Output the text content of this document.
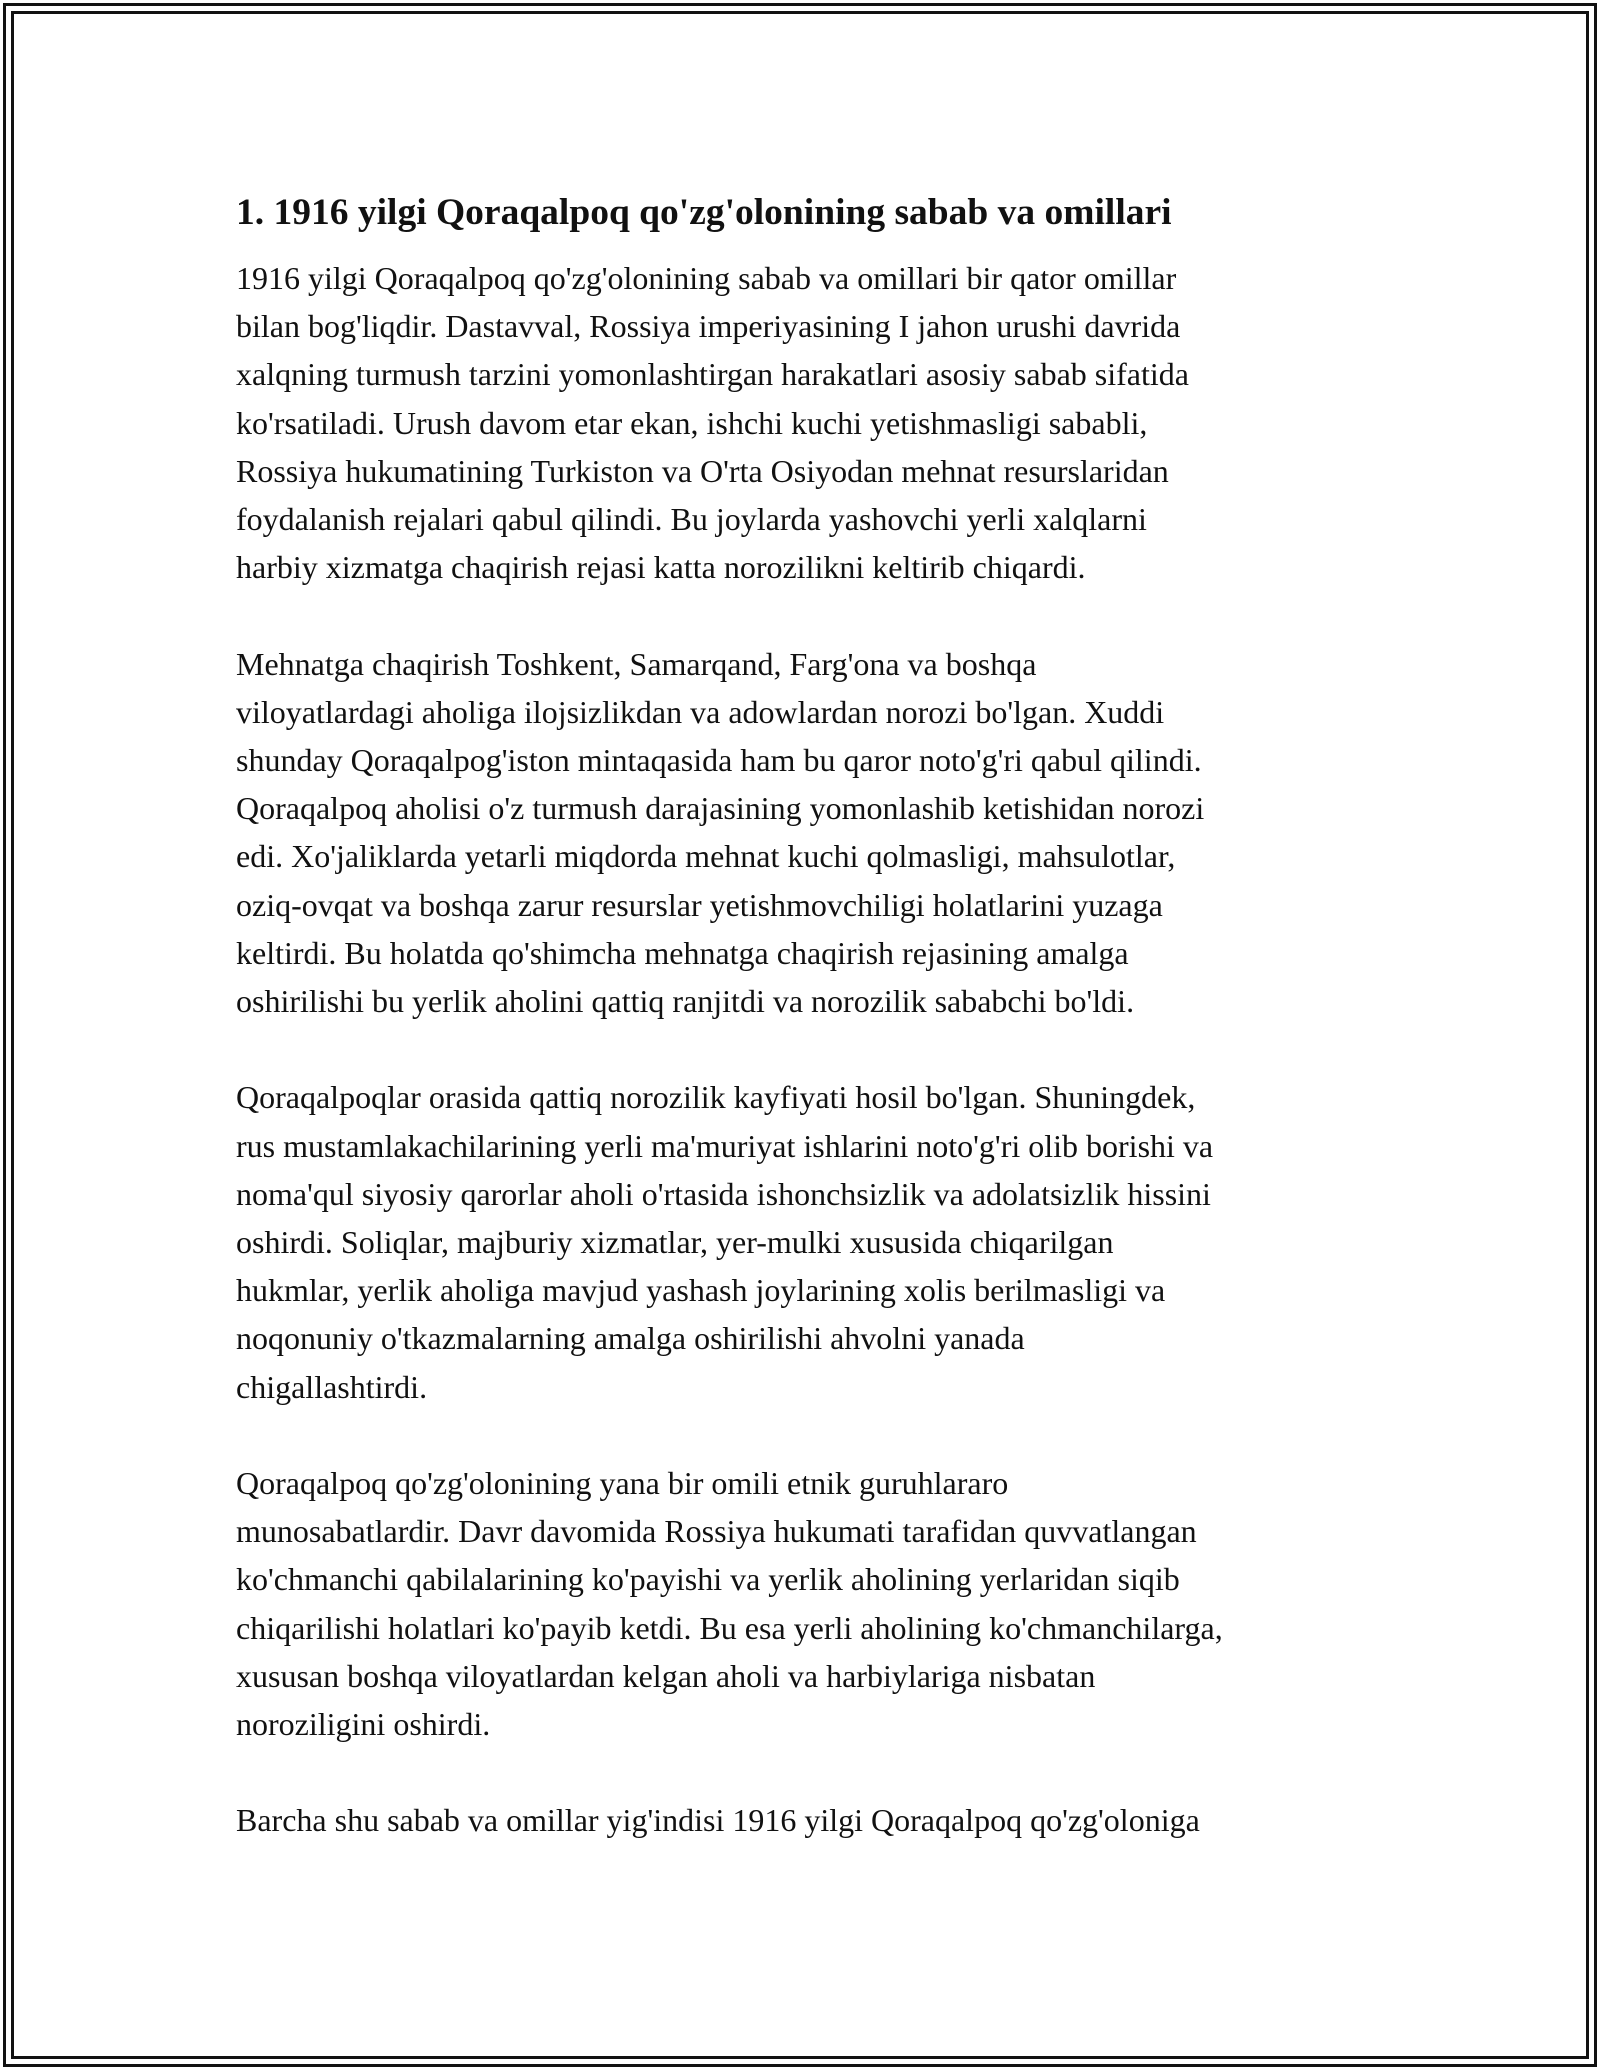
1. 1916 yilgi Qoraqalpoq qo'zg'olonining sabab va omillari

1916 yilgi Qoraqalpoq qo'zg'olonining sabab va omillari bir qator omillar
bilan bog'liqdir. Dastavval, Rossiya imperiyasining I jahon urushi davrida
xalqning turmush tarzini yomonlashtirgan harakatlari asosiy sabab sifatida
ko'rsatiladi. Urush davom etar ekan, ishchi kuchi yetishmasligi sababli,
Rossiya hukumatining Turkiston va O'rta Osiyodan mehnat resurslaridan
foydalanish rejalari qabul qilindi. Bu joylarda yashovchi yerli xalqlarni
harbiy xizmatga chaqirish rejasi katta norozilikni keltirib chiqardi.

Mehnatga chaqirish Toshkent, Samarqand, Farg'ona va boshqa
viloyatlardagi aholiga ilojsizlikdan va adowlardan norozi bo'lgan. Xuddi
shunday Qoraqalpog'iston mintaqasida ham bu qaror noto'g'ri qabul qilindi.
Qoraqalpoq aholisi o'z turmush darajasining yomonlashib ketishidan norozi
edi. Xo'jaliklarda yetarli miqdorda mehnat kuchi qolmasligi, mahsulotlar,
oziq-ovqat va boshqa zarur resurslar yetishmovchiligi holatlarini yuzaga
keltirdi. Bu holatda qo'shimcha mehnatga chaqirish rejasining amalga
oshirilishi bu yerlik aholini qattiq ranjitdi va norozilik sababchi bo'ldi.

Qoraqalpoqlar orasida qattiq norozilik kayfiyati hosil bo'lgan. Shuningdek,
rus mustamlakachilarining yerli ma'muriyat ishlarini noto'g'ri olib borishi va
noma'qul siyosiy qarorlar aholi o'rtasida ishonchsizlik va adolatsizlik hissini
oshirdi. Soliqlar, majburiy xizmatlar, yer-mulki xususida chiqarilgan
hukmlar, yerlik aholiga mavjud yashash joylarining xolis berilmasligi va
noqonuniy o'tkazmalarning amalga oshirilishi ahvolni yanada
chigallashtirdi.

Qoraqalpoq qo'zg'olonining yana bir omili etnik guruhlararo
munosabatlardir. Davr davomida Rossiya hukumati tarafidan quvvatlangan
ko'chmanchi qabilalarining ko'payishi va yerlik aholining yerlaridan siqib
chiqarilishi holatlari ko'payib ketdi. Bu esa yerli aholining ko'chmanchilarga,
xususan boshqa viloyatlardan kelgan aholi va harbiylariga nisbatan
noroziligini oshirdi.

Barcha shu sabab va omillar yig'indisi 1916 yilgi Qoraqalpoq qo'zg'oloniga
